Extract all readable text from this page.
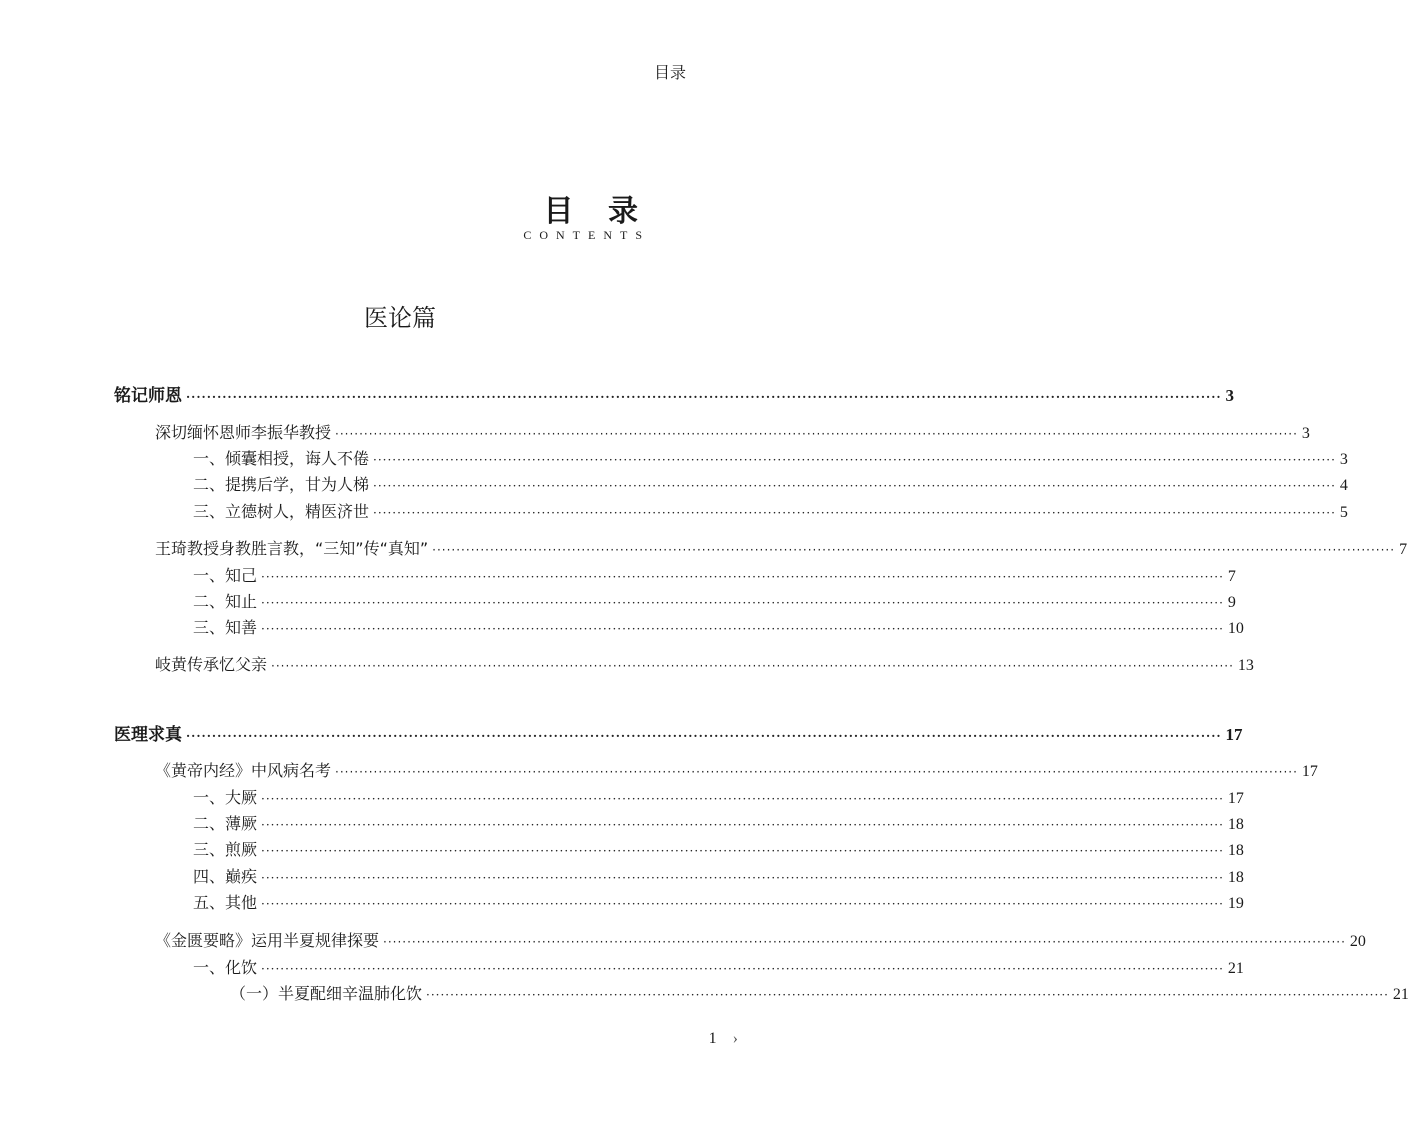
目录
目 录
CONTENTS
医论篇
铭记师恩 ········································································································································································································ 3
深切缅怀恩师李振华教授 ········································································································································································································ 3
一、倾囊相授，诲人不倦 ········································································································································································································ 3
二、提携后学，甘为人梯 ········································································································································································································ 4
三、立德树人，精医济世 ········································································································································································································ 5
王琦教授身教胜言教，“三知”传“真知” ········································································································································································································ 7
一、知己 ········································································································································································································ 7
二、知止 ········································································································································································································ 9
三、知善 ········································································································································································································ 10
岐黄传承忆父亲 ········································································································································································································ 13
医理求真 ········································································································································································································ 17
《黄帝内经》中风病名考 ········································································································································································································ 17
一、大厥 ········································································································································································································ 17
二、薄厥 ········································································································································································································ 18
三、煎厥 ········································································································································································································ 18
四、巅疾 ········································································································································································································ 18
五、其他 ········································································································································································································ 19
《金匮要略》运用半夏规律探要 ········································································································································································································ 20
一、化饮 ········································································································································································································ 21
（一）半夏配细辛温肺化饮 ········································································································································································································ 21
1 ›
